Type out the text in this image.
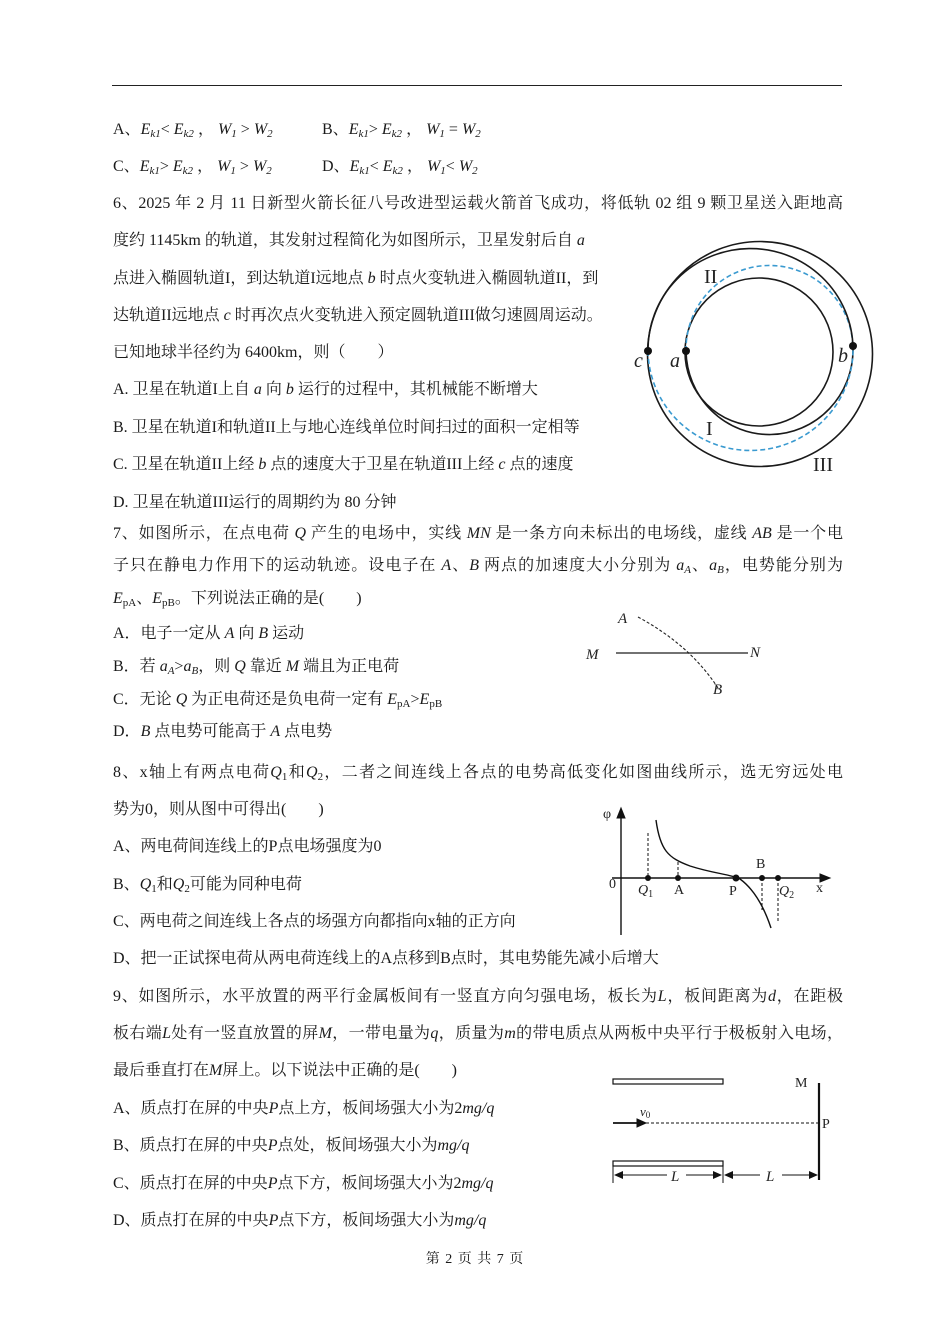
A、Ek1< Ek2 ， W1 > W2	B、Ek1> Ek2 ， W1 = W2
C、Ek1> Ek2 ， W1 > W2	D、Ek1< Ek2 ， W1< W2
6、2025 年 2 月 11 日新型火箭长征八号改进型运载火箭首飞成功，将低轨 02 组 9 颗卫星送入距地高
度约 1145km 的轨道，其发射过程简化为如图所示，卫星发射后自 a
点进入椭圆轨道I，到达轨道I远地点 b 时点火变轨进入椭圆轨道II，到
达轨道II远地点 c 时再次点火变轨进入预定圆轨道III做匀速圆周运动。
已知地球半径约为 6400km，则（　　）
A. 卫星在轨道I上自 a 向 b 运行的过程中，其机械能不断增大
B. 卫星在轨道I和轨道II上与地心连线单位时间扫过的面积一定相等
C. 卫星在轨道II上经 b 点的速度大于卫星在轨道III上经 c 点的速度
D. 卫星在轨道III运行的周期约为 80 分钟
7、如图所示，在点电荷 Q 产生的电场中，实线 MN 是一条方向未标出的电场线，虚线 AB 是一个电
子只在静电力作用下的运动轨迹。设电子在 A、B 两点的加速度大小分别为 aA、aB，电势能分别为
$E_{pA}$、$E_{pB}$。下列说法正确的是(　　)
A．电子一定从 A 向 B 运动
B．若 aA>aB，则 Q 靠近 M 端且为正电荷
C．无论 Q 为正电荷还是负电荷一定有 $E_{pA}>E_{pB}$
D．B 点电势可能高于 A 点电势
8、x轴上有两点电荷$Q_1$和$Q_2$，二者之间连线上各点的电势高低变化如图曲线所示，选无穷远处电
势为0，则从图中可得出(　　)
A、两电荷间连线上的P点电场强度为0
B、$Q_1$和$Q_2$可能为同种电荷
C、两电荷之间连线上各点的场强方向都指向x轴的正方向
D、把一正试探电荷从两电荷连线上的A点移到B点时，其电势能先减小后增大
9、如图所示，水平放置的两平行金属板间有一竖直方向匀强电场，板长为L，板间距离为d，在距极
板右端L处有一竖直放置的屏M，一带电量为q，质量为m的带电质点从两板中央平行于极板射入电场，
最后垂直打在M屏上。以下说法中正确的是(　　)
A、质点打在屏的中央P点上方，板间场强大小为2mg/q
B、质点打在屏的中央P点处，板间场强大小为mg/q
C、质点打在屏的中央P点下方，板间场强大小为2mg/q
D、质点打在屏的中央P点下方，板间场强大小为mg/q
第 2 页 共 7 页
II
I
III
c a	b
A
B
M	N
φ
0	x
$Q_1$ A	P
B
$Q_2$
M
P
v0
L	L
